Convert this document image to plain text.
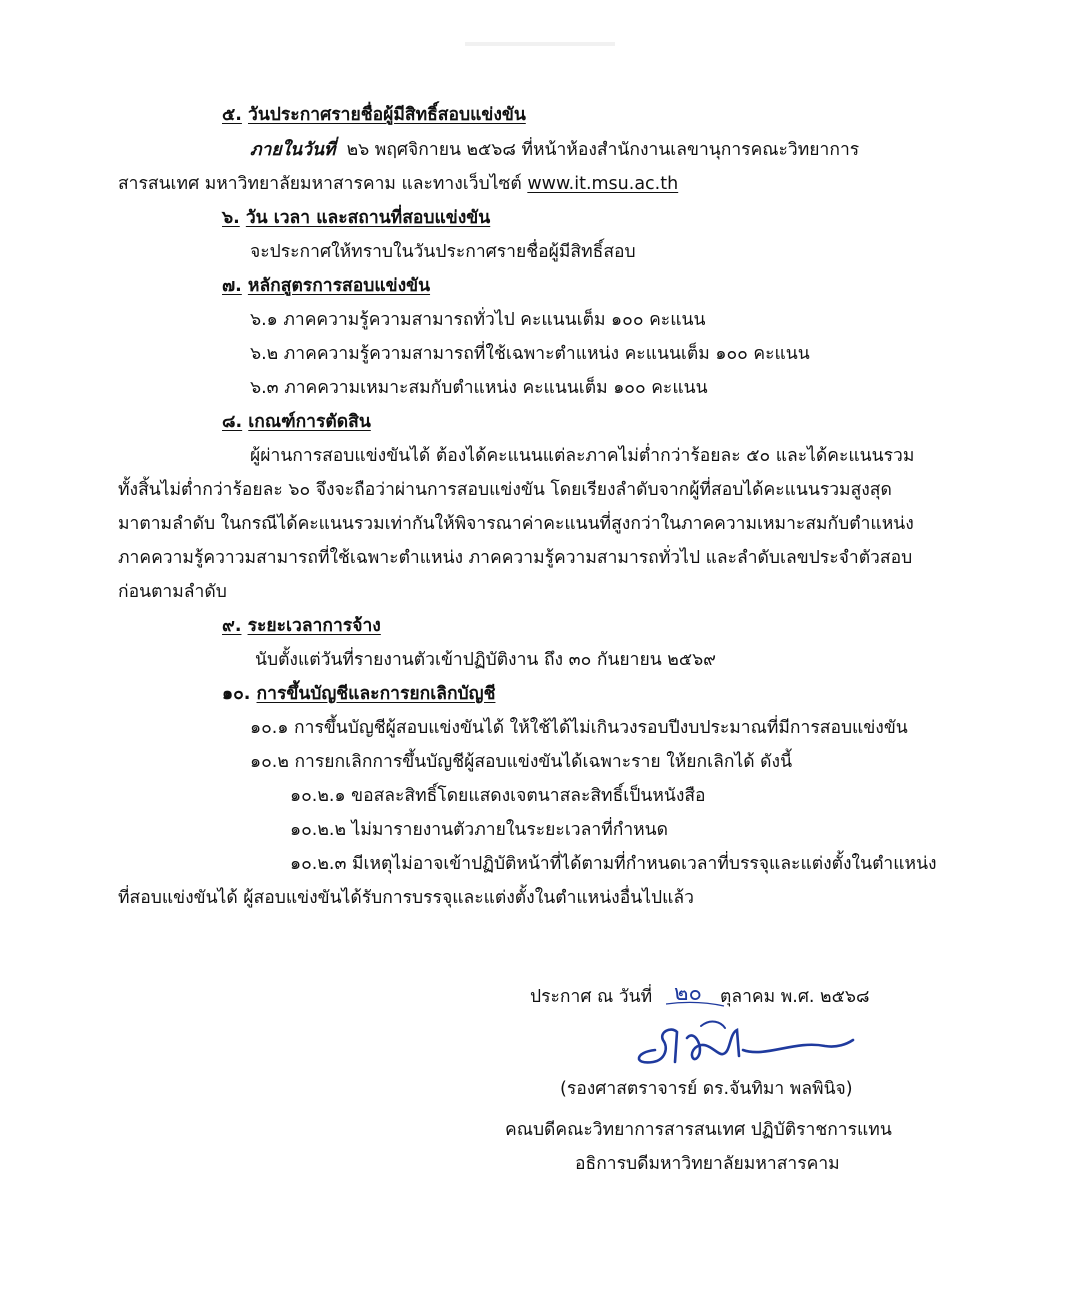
๕. วันประกาศรายชื่อผู้มีสิทธิ์สอบแข่งขัน
ภายในวันที่ ๒๖ พฤศจิกายน ๒๕๖๘ ที่หน้าห้องสำนักงานเลขานุการคณะวิทยาการ
สารสนเทศ มหาวิทยาลัยมหาสารคาม และทางเว็บไซต์ www.it.msu.ac.th
๖. วัน เวลา และสถานที่สอบแข่งขัน
จะประกาศให้ทราบในวันประกาศรายชื่อผู้มีสิทธิ์สอบ
๗. หลักสูตรการสอบแข่งขัน
๖.๑ ภาคความรู้ความสามารถทั่วไป คะแนนเต็ม ๑๐๐ คะแนน
๖.๒ ภาคความรู้ความสามารถที่ใช้เฉพาะตำแหน่ง คะแนนเต็ม ๑๐๐ คะแนน
๖.๓ ภาคความเหมาะสมกับตำแหน่ง คะแนนเต็ม ๑๐๐ คะแนน
๘. เกณฑ์การตัดสิน
ผู้ผ่านการสอบแข่งขันได้ ต้องได้คะแนนแต่ละภาคไม่ต่ำกว่าร้อยละ ๕๐ และได้คะแนนรวม
ทั้งสิ้นไม่ต่ำกว่าร้อยละ ๖๐ จึงจะถือว่าผ่านการสอบแข่งขัน โดยเรียงลำดับจากผู้ที่สอบได้คะแนนรวมสูงสุด
มาตามลำดับ ในกรณีได้คะแนนรวมเท่ากันให้พิจารณาค่าคะแนนที่สูงกว่าในภาคความเหมาะสมกับตำแหน่ง
ภาคความรู้ควาวมสามารถที่ใช้เฉพาะตำแหน่ง ภาคความรู้ความสามารถทั่วไป และลำดับเลขประจำตัวสอบ
ก่อนตามลำดับ
๙. ระยะเวลาการจ้าง
นับตั้งแต่วันที่รายงานตัวเข้าปฏิบัติงาน ถึง ๓๐ กันยายน ๒๕๖๙
๑๐. การขึ้นบัญชีและการยกเลิกบัญชี
๑๐.๑ การขึ้นบัญชีผู้สอบแข่งขันได้ ให้ใช้ได้ไม่เกินวงรอบปีงบประมาณที่มีการสอบแข่งขัน
๑๐.๒ การยกเลิกการขึ้นบัญชีผู้สอบแข่งขันได้เฉพาะราย ให้ยกเลิกได้ ดังนี้
๑๐.๒.๑ ขอสละสิทธิ์โดยแสดงเจตนาสละสิทธิ์เป็นหนังสือ
๑๐.๒.๒ ไม่มารายงานตัวภายในระยะเวลาที่กำหนด
๑๐.๒.๓ มีเหตุไม่อาจเข้าปฏิบัติหน้าที่ได้ตามที่กำหนดเวลาที่บรรจุและแต่งตั้งในตำแหน่ง
ที่สอบแข่งขันได้ ผู้สอบแข่งขันได้รับการบรรจุและแต่งตั้งในตำแหน่งอื่นไปแล้ว
ประกาศ ณ วันที่ ๒๐ ตุลาคม พ.ศ. ๒๕๖๘
(รองศาสตราจารย์ ดร.จันทิมา พลพินิจ)
คณบดีคณะวิทยาการสารสนเทศ ปฏิบัติราชการแทน
อธิการบดีมหาวิทยาลัยมหาสารคาม
